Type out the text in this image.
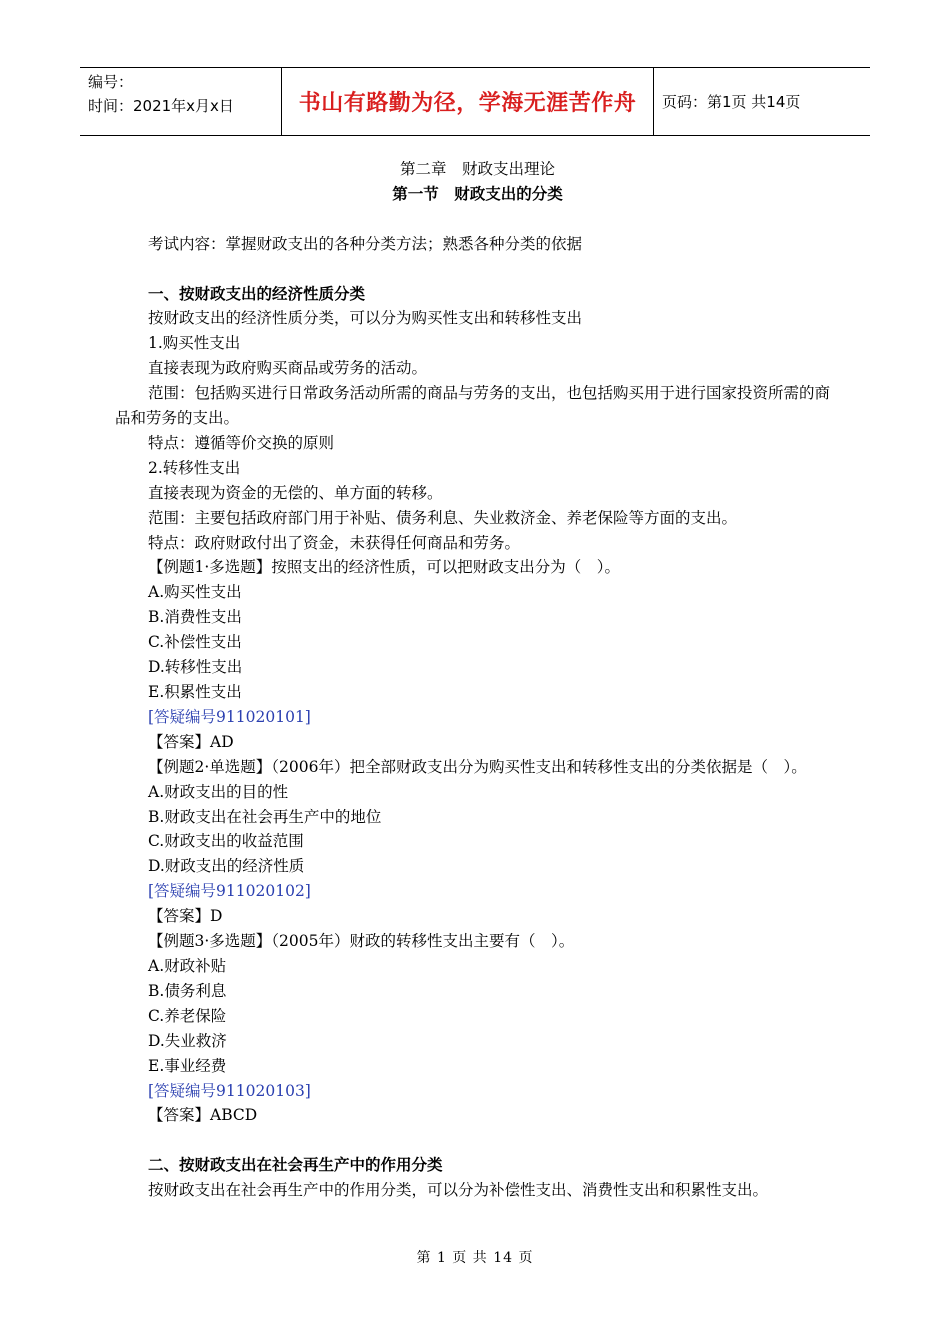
编号：
时间：2021年x月x日	书山有路勤为径，学海无涯苦作舟 页码：第1页 共14页
第二章　财政支出理论
第一节　财政支出的分类

考试内容：掌握财政支出的各种分类方法；熟悉各种分类的依据

一、按财政支出的经济性质分类

按财政支出的经济性质分类，可以分为购买性支出和转移性支出

1.购买性支出

直接表现为政府购买商品或劳务的活动。

范围：包括购买进行日常政务活动所需的商品与劳务的支出，也包括购买用于进行国家投资所需的商品和劳务的支出。

特点：遵循等价交换的原则

2.转移性支出

直接表现为资金的无偿的、单方面的转移。

范围：主要包括政府部门用于补贴、债务利息、失业救济金、养老保险等方面的支出。

特点：政府财政付出了资金，未获得任何商品和劳务。

【例题1·多选题】按照支出的经济性质，可以把财政支出分为（　）。

A.购买性支出

B.消费性支出

C.补偿性支出

D.转移性支出

E.积累性支出

[答疑编号911020101]

【答案】AD

【例题2·单选题】（2006年）把全部财政支出分为购买性支出和转移性支出的分类依据是（　）。

A.财政支出的目的性

B.财政支出在社会再生产中的地位

C.财政支出的收益范围

D.财政支出的经济性质

[答疑编号911020102]

【答案】D

【例题3·多选题】（2005年）财政的转移性支出主要有（　）。

A.财政补贴

B.债务利息

C.养老保险

D.失业救济

E.事业经费

[答疑编号911020103]

【答案】ABCD

二、按财政支出在社会再生产中的作用分类

按财政支出在社会再生产中的作用分类，可以分为补偿性支出、消费性支出和积累性支出。

第 1 页 共 14 页
